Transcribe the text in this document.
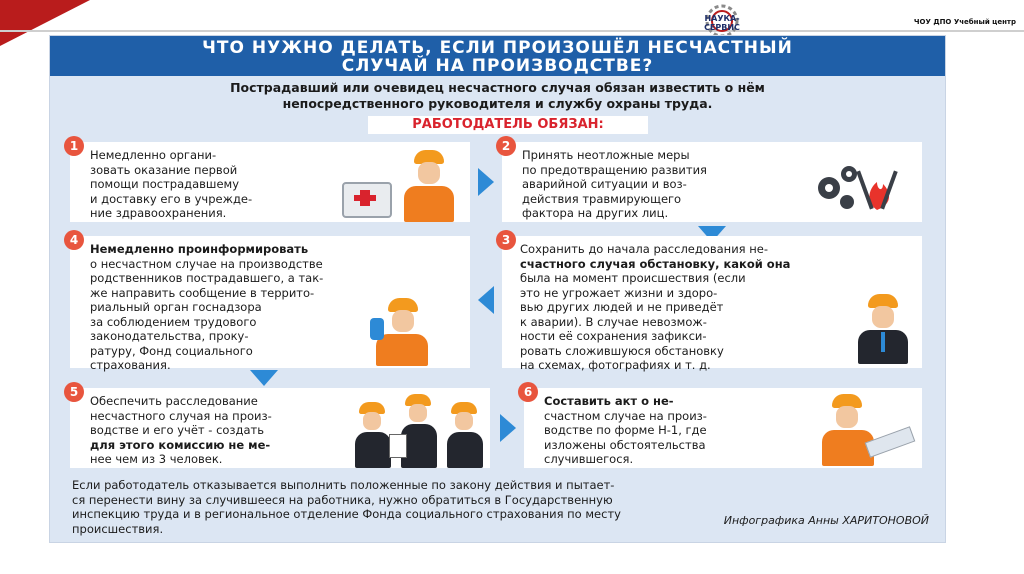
НАУКА-СЕРВИС
ЧОУ ДПО Учебный центр
ЧТО НУЖНО ДЕЛАТЬ, ЕСЛИ ПРОИЗОШЁЛ НЕСЧАСТНЫЙ
СЛУЧАЙ НА ПРОИЗВОДСТВЕ?
Пострадавший или очевидец несчастного случая обязан известить о нём
непосредственного руководителя и службу охраны труда.
РАБОТОДАТЕЛЬ ОБЯЗАН:
1
Немедленно органи-
зовать оказание первой
помощи пострадавшему
и доставку его в учрежде-
ние здравоохранения.
2
Принять неотложные меры
по предотвращению развития
аварийной ситуации и воз-
действия травмирующего
фактора на других лиц.
4
Немедленно проинформировать
о несчастном случае на производстве
родственников пострадавшего, а так-
же направить сообщение в террито-
риальный орган госнадзора
за соблюдением трудового
законодательства, проку-
ратуру, Фонд социального
страхования.
3
Сохранить до начала расследования не-
счастного случая обстановку, какой она
была на момент происшествия (если
это не угрожает жизни и здоро-
вью других людей и не приведёт
к аварии). В случае невозмож-
ности её сохранения зафикси-
ровать сложившуюся обстановку
на схемах, фотографиях и т. д.
5
Обеспечить расследование
несчастного случая на произ-
водстве и его учёт - создать
для этого комиссию не ме-
нее чем из 3 человек.
6
Составить акт о не-
счастном случае на произ-
водстве по форме Н-1, где
изложены обстоятельства
случившегося.
Если работодатель отказывается выполнить положенные по закону действия и пытает-
ся перенести вину за случившееся на работника, нужно обратиться в Государственную
инспекцию труда и в региональное отделение Фонда социального страхования по месту
происшествия.
Инфографика Анны ХАРИТОНОВОЙ
